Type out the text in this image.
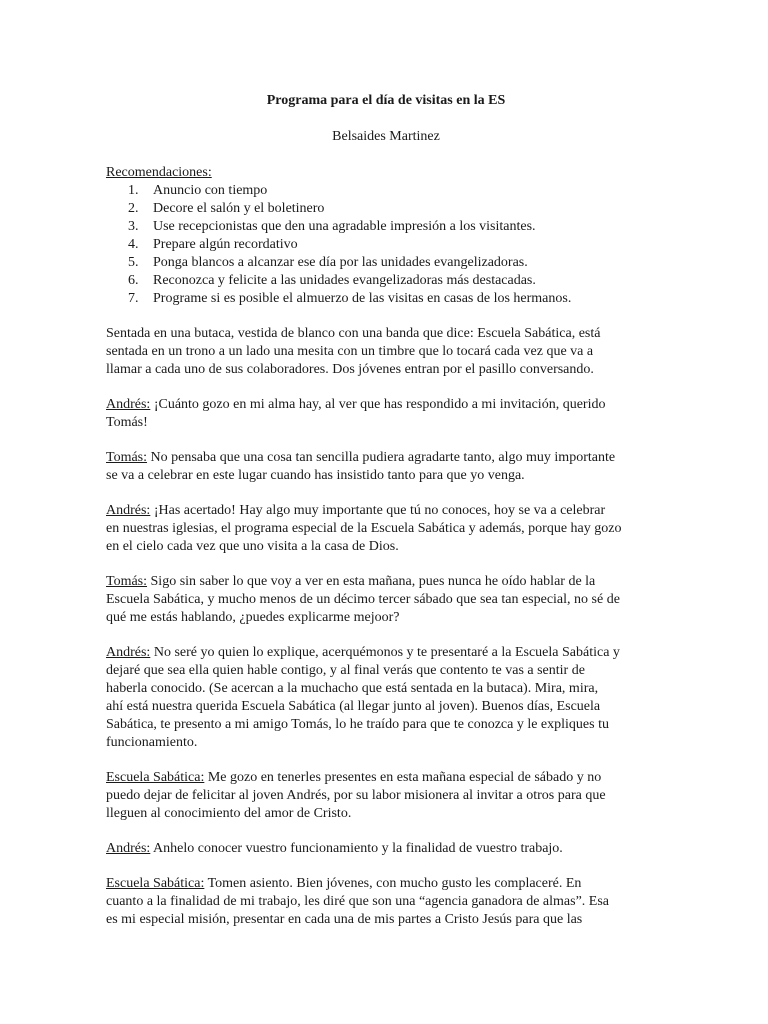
Programa para el día de visitas en la ES

Belsaides Martinez
Recomendaciones:
1. Anuncio con tiempo
2. Decore el salón y el boletinero
3. Use recepcionistas que den una agradable impresión a los visitantes.
4. Prepare algún recordativo
5. Ponga blancos a alcanzar ese día por las unidades evangelizadoras.
6. Reconozca y felicite a las unidades evangelizadoras más destacadas.
7. Programe si es posible el almuerzo de las visitas en casas de los hermanos.
Sentada en una butaca, vestida de blanco con una banda que dice: Escuela Sabática, está
sentada en un trono a un lado una mesita con un timbre que lo tocará cada vez que va a
llamar a cada uno de sus colaboradores. Dos jóvenes entran por el pasillo conversando.
Andrés: ¡Cuánto gozo en mi alma hay, al ver que has respondido a mi invitación, querido
Tomás!
Tomás: No pensaba que una cosa tan sencilla pudiera agradarte tanto, algo muy importante
se va a celebrar en este lugar cuando has insistido tanto para que yo venga.
Andrés: ¡Has acertado! Hay algo muy importante que tú no conoces, hoy se va a celebrar
en nuestras iglesias, el programa especial de la Escuela Sabática y además, porque hay gozo
en el cielo cada vez que uno visita a la casa de Dios.
Tomás: Sigo sin saber lo que voy a ver en esta mañana, pues nunca he oído hablar de la
Escuela Sabática, y mucho menos de un décimo tercer sábado que sea tan especial, no sé de
qué me estás hablando, ¿puedes explicarme mejoor?
Andrés: No seré yo quien lo explique, acerquémonos y te presentaré a la Escuela Sabática y
dejaré que sea ella quien hable contigo, y al final verás que contento te vas a sentir de
haberla conocido. (Se acercan a la muchacho que está sentada en la butaca). Mira, mira,
ahí está nuestra querida Escuela Sabática (al llegar junto al joven). Buenos días, Escuela
Sabática, te presento a mi amigo Tomás, lo he traído para que te conozca y le expliques tu
funcionamiento.
Escuela Sabática: Me gozo en tenerles presentes en esta mañana especial de sábado y no
puedo dejar de felicitar al joven Andrés, por su labor misionera al invitar a otros para que
lleguen al conocimiento del amor de Cristo.
Andrés: Anhelo conocer vuestro funcionamiento y la finalidad de vuestro trabajo.
Escuela Sabática: Tomen asiento. Bien jóvenes, con mucho gusto les complaceré. En
cuanto a la finalidad de mi trabajo, les diré que son una “agencia ganadora de almas”. Esa
es mi especial misión, presentar en cada una de mis partes a Cristo Jesús para que las
